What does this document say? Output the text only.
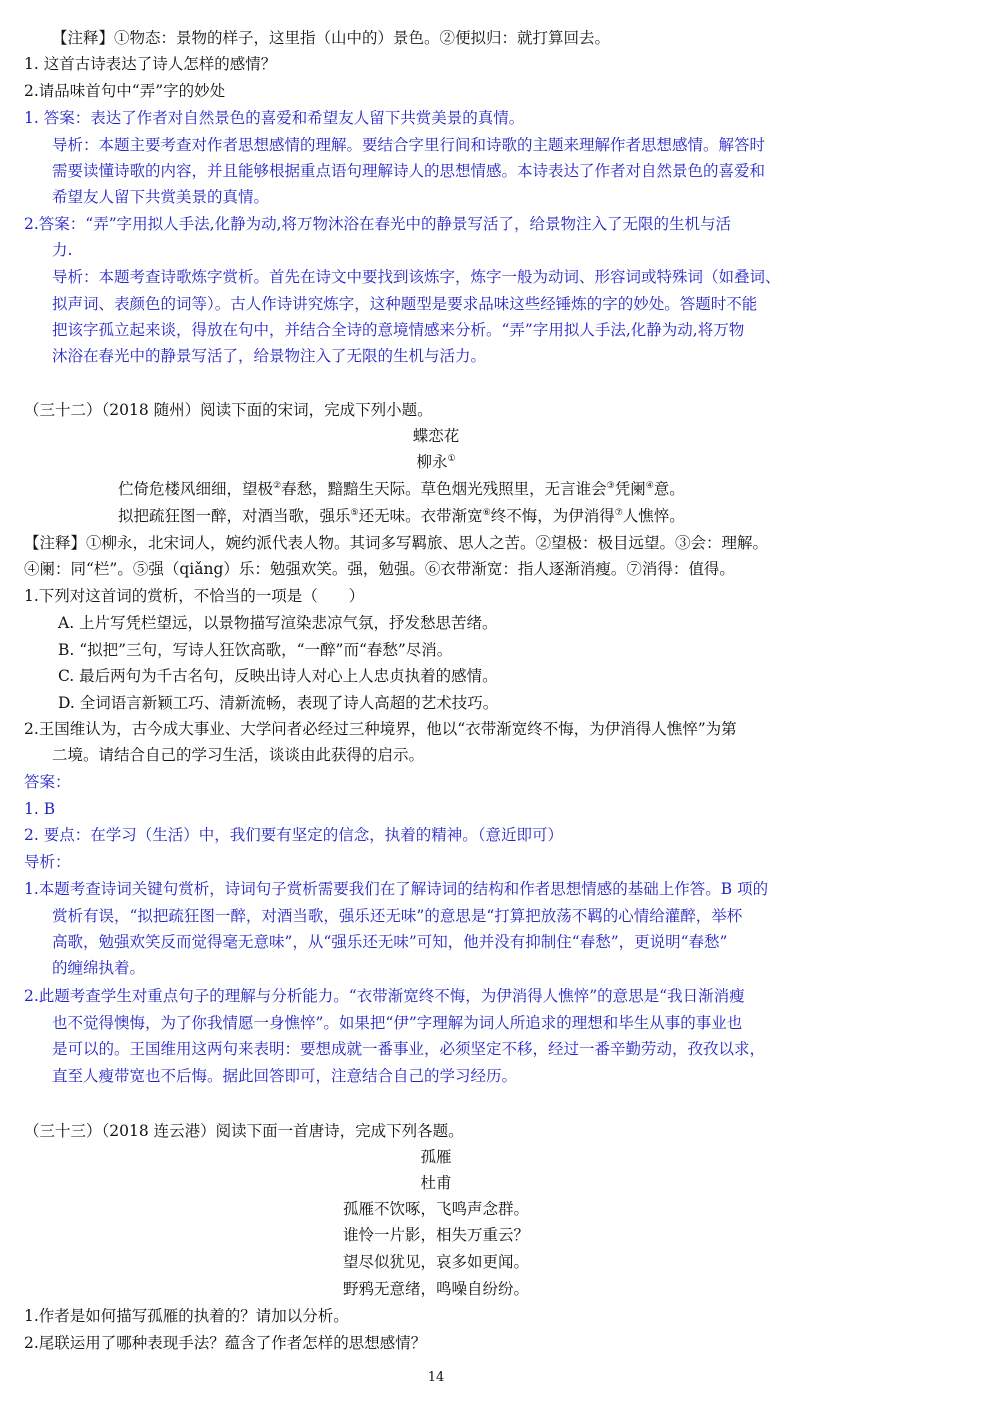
【注释】①物态：景物的样子，这里指（山中的）景色。②便拟归：就打算回去。
1. 这首古诗表达了诗人怎样的感情？
2.请品味首句中“弄”字的妙处
1. 答案：表达了作者对自然景色的喜爱和希望友人留下共赏美景的真情。
导析：本题主要考查对作者思想感情的理解。要结合字里行间和诗歌的主题来理解作者思想感情。解答时
需要读懂诗歌的内容，并且能够根据重点语句理解诗人的思想情感。本诗表达了作者对自然景色的喜爱和
希望友人留下共赏美景的真情。
2.答案：“弄”字用拟人手法,化静为动,将万物沐浴在春光中的静景写活了，给景物注入了无限的生机与活
力.
导析：本题考查诗歌炼字赏析。首先在诗文中要找到该炼字，炼字一般为动词、形容词或特殊词（如叠词、
拟声词、表颜色的词等）。古人作诗讲究炼字，这种题型是要求品味这些经锤炼的字的妙处。答题时不能
把该字孤立起来谈，得放在句中，并结合全诗的意境情感来分析。“弄”字用拟人手法,化静为动,将万物
沐浴在春光中的静景写活了，给景物注入了无限的生机与活力。
（三十二）（2018 随州）阅读下面的宋词，完成下列小题。
蝶恋花
柳永①
伫倚危楼风细细，望极②春愁，黯黯生天际。草色烟光残照里，无言谁会③凭阑④意。
拟把疏狂图一醉，对酒当歌，强乐⑤还无味。衣带渐宽⑥终不悔，为伊消得⑦人憔悴。
【注释】①柳永，北宋词人，婉约派代表人物。其词多写羁旅、思人之苦。②望极：极目远望。③会：理解。
④阑：同“栏”。⑤强（qiǎng）乐：勉强欢笑。强，勉强。⑥衣带渐宽：指人逐渐消瘦。⑦消得：值得。
1.下列对这首词的赏析，不恰当的一项是（　　）
A. 上片写凭栏望远，以景物描写渲染悲凉气氛，抒发愁思苦绪。
B. “拟把”三句，写诗人狂饮高歌，“一醉”而“春愁”尽消。
C. 最后两句为千古名句，反映出诗人对心上人忠贞执着的感情。
D. 全词语言新颖工巧、清新流畅，表现了诗人高超的艺术技巧。
2.王国维认为，古今成大事业、大学问者必经过三种境界，他以“衣带渐宽终不悔，为伊消得人憔悴”为第
二境。请结合自己的学习生活，谈谈由此获得的启示。
答案：
1. B
2. 要点：在学习（生活）中，我们要有坚定的信念，执着的精神。（意近即可）
导析：
1.本题考查诗词关键句赏析，诗词句子赏析需要我们在了解诗词的结构和作者思想情感的基础上作答。B 项的
赏析有误，“拟把疏狂图一醉，对酒当歌，强乐还无味”的意思是“打算把放荡不羁的心情给灌醉，举杯
高歌，勉强欢笑反而觉得毫无意味”，从“强乐还无味”可知，他并没有抑制住“春愁”，更说明“春愁”
的缠绵执着。
2.此题考查学生对重点句子的理解与分析能力。“衣带渐宽终不悔，为伊消得人憔悴”的意思是“我日渐消瘦
也不觉得懊悔，为了你我情愿一身憔悴”。如果把“伊”字理解为词人所追求的理想和毕生从事的事业也
是可以的。王国维用这两句来表明：要想成就一番事业，必须坚定不移，经过一番辛勤劳动，孜孜以求，
直至人瘦带宽也不后悔。据此回答即可，注意结合自己的学习经历。
（三十三）（2018 连云港）阅读下面一首唐诗，完成下列各题。
孤雁
杜甫
孤雁不饮啄，飞鸣声念群。
谁怜一片影，相失万重云？
望尽似犹见，哀多如更闻。
野鸦无意绪，鸣噪自纷纷。
1.作者是如何描写孤雁的执着的？请加以分析。
2.尾联运用了哪种表现手法？蕴含了作者怎样的思想感情？
14
